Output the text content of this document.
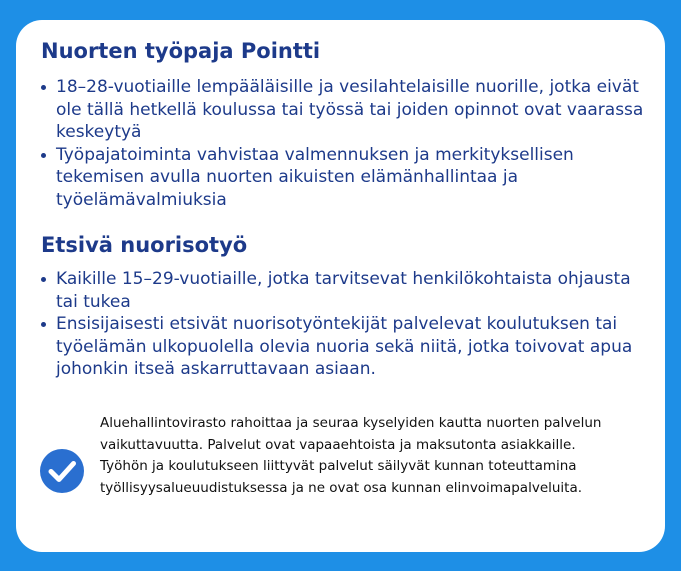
Nuorten työpaja Pointti
18–28-vuotiaille lempääläisille ja vesilahtelaisille nuorille, jotka eivät ole tällä hetkellä koulussa tai työssä tai joiden opinnot ovat vaarassa keskeytyä
Työpajatoiminta vahvistaa valmennuksen ja merkityksellisen tekemisen avulla nuorten aikuisten elämänhallintaa ja työelämävalmiuksia
Etsivä nuorisotyö
Kaikille 15–29-vuotiaille, jotka tarvitsevat henkilökohtaista ohjausta tai tukea
Ensisijaisesti etsivät nuorisotyöntekijät palvelevat koulutuksen tai työelämän ulkopuolella olevia nuoria sekä niitä, jotka toivovat apua johonkin itseä askarruttavaan asiaan.

Aluehallintovirasto rahoittaa ja seuraa kyselyiden kautta nuorten palvelun vaikuttavuutta. Palvelut ovat vapaaehtoista ja maksutonta asiakkaille.

Työhön ja koulutukseen liittyvät palvelut säilyvät kunnan toteuttamina työllisyysalueuudistuksessa ja ne ovat osa kunnan elinvoimapalveluita.
